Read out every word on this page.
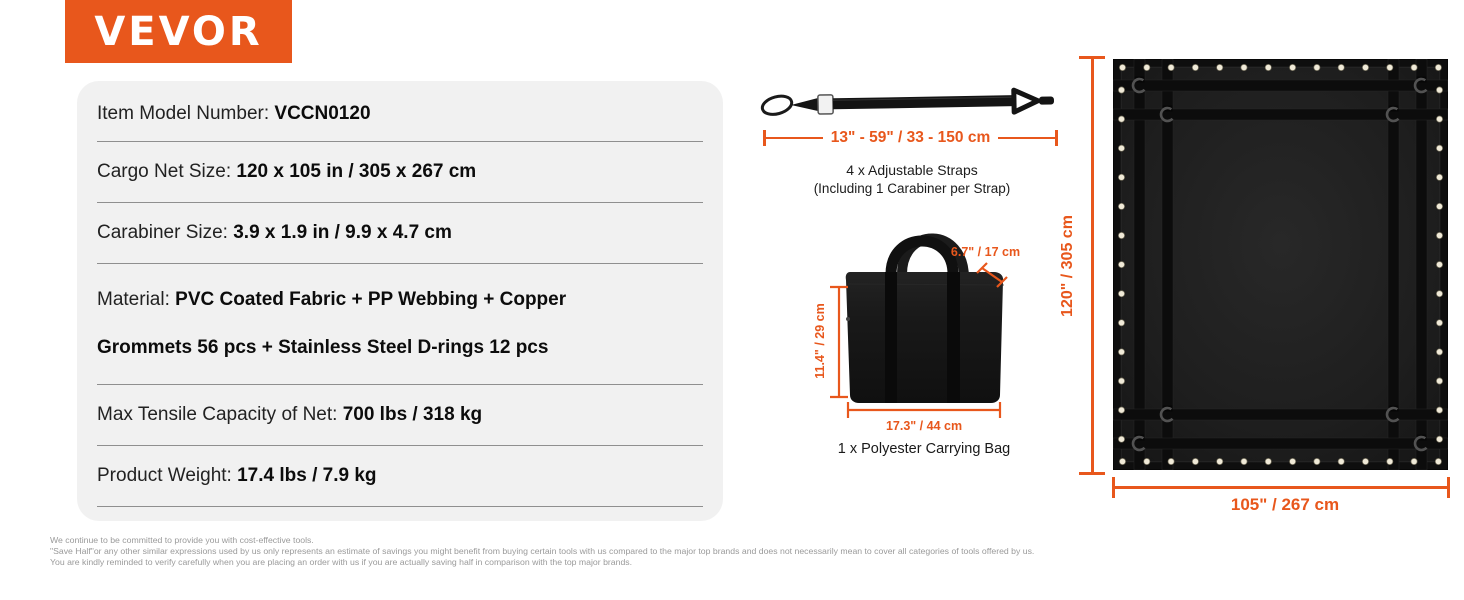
VEVOR
Item Model Number: VCCN0120
Cargo Net Size: 120 x 105 in / 305 x 267 cm
Carabiner Size: 3.9 x 1.9 in / 9.9 x 4.7 cm
Material: PVC Coated Fabric + PP Webbing + Copper
Grommets 56 pcs + Stainless Steel D-rings 12 pcs
Max Tensile Capacity of Net: 700 lbs / 318 kg
Product Weight: 17.4 lbs / 7.9 kg
13" - 59" / 33 - 150 cm
4 x Adjustable Straps
(Including 1 Carabiner per Strap)
11.4" / 29 cm
6.7" / 17 cm
17.3" / 44 cm
1 x Polyester Carrying Bag
120" / 305 cm
105" / 267 cm
We continue to be committed to provide you with cost-effective tools.
"Save Half"or any other similar expressions used by us only represents an estimate of savings you might benefit from buying certain tools with us compared to the major top brands and does not necessarily mean to cover all categories of tools offered by us.
You are kindly reminded to verify carefully when you are placing an order with us if you are actually saving half in comparison with the top major brands.
